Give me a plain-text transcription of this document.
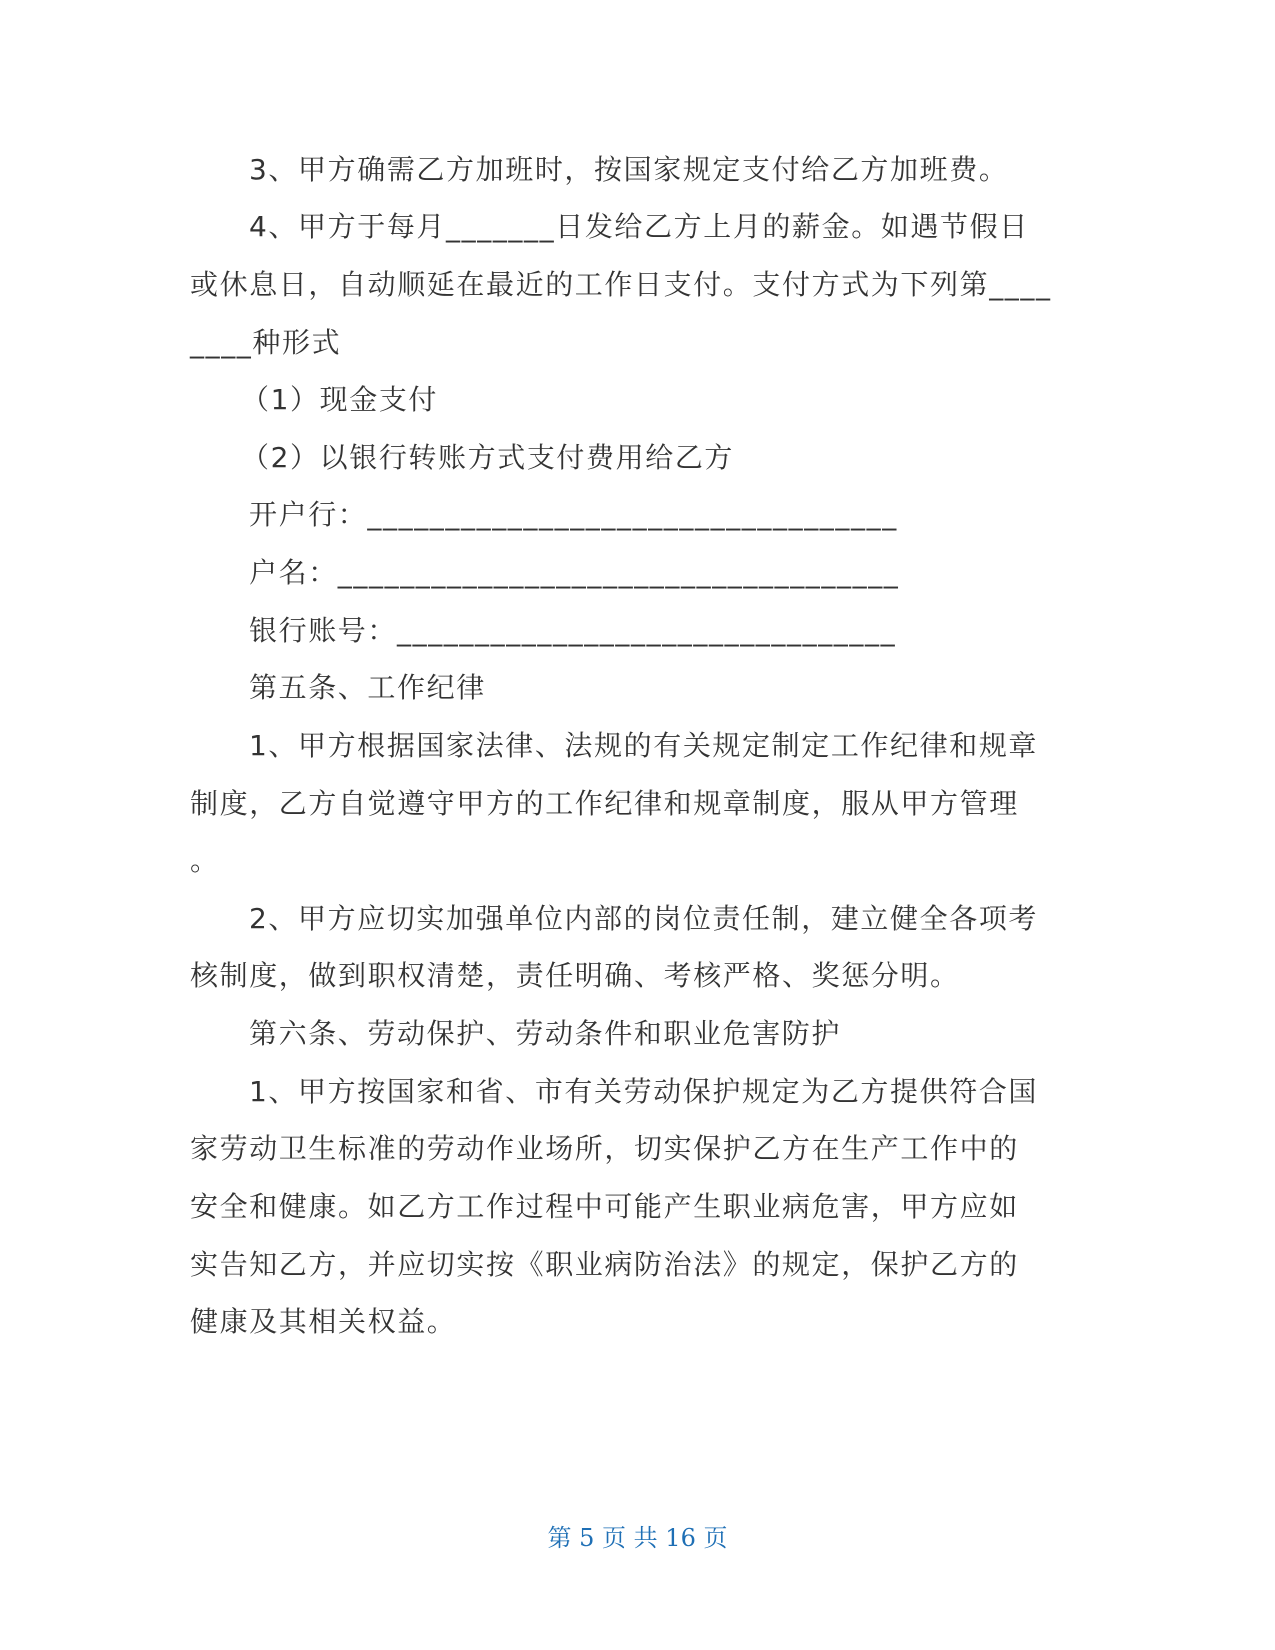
3、甲方确需乙方加班时，按国家规定支付给乙方加班费。
4、甲方于每月_______日发给乙方上月的薪金。如遇节假日
或休息日，自动顺延在最近的工作日支付。支付方式为下列第____
____种形式
（1）现金支付
（2）以银行转账方式支付费用给乙方
开户行：__________________________________
户名：____________________________________
银行账号：________________________________
第五条、工作纪律
1、甲方根据国家法律、法规的有关规定制定工作纪律和规章
制度，乙方自觉遵守甲方的工作纪律和规章制度，服从甲方管理
。
2、甲方应切实加强单位内部的岗位责任制，建立健全各项考
核制度，做到职权清楚，责任明确、考核严格、奖惩分明。
第六条、劳动保护、劳动条件和职业危害防护
1、甲方按国家和省、市有关劳动保护规定为乙方提供符合国
家劳动卫生标准的劳动作业场所，切实保护乙方在生产工作中的
安全和健康。如乙方工作过程中可能产生职业病危害，甲方应如
实告知乙方，并应切实按《职业病防治法》的规定，保护乙方的
健康及其相关权益。
第 5 页 共 16 页
